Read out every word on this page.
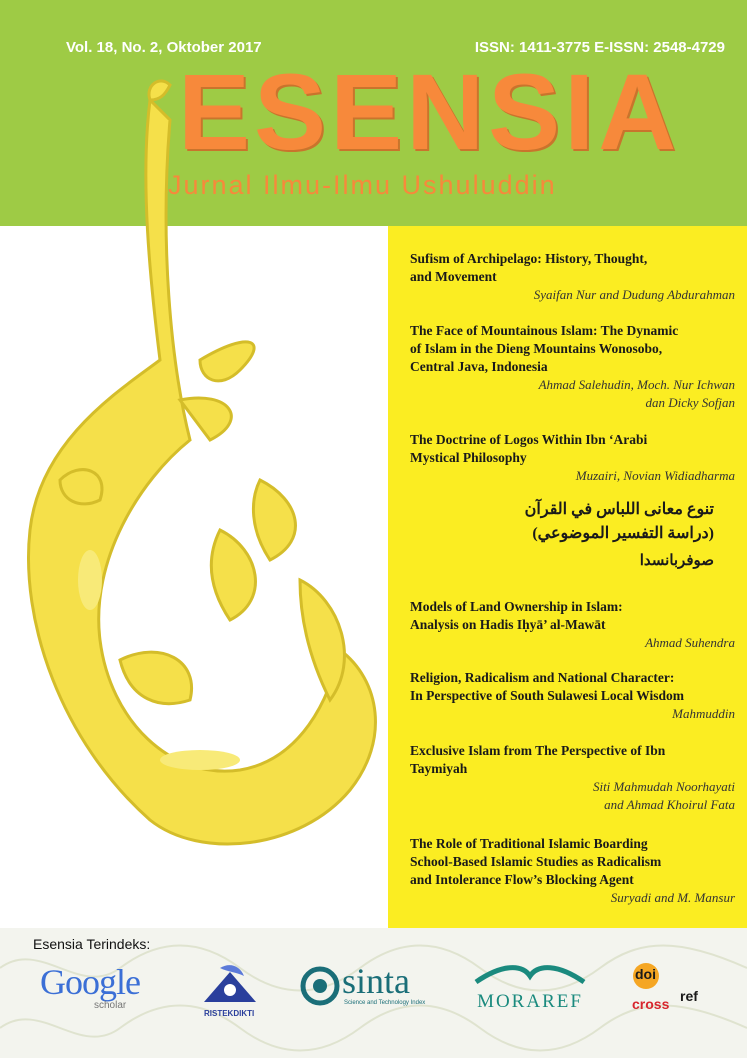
Vol. 18, No. 2, Oktober 2017	ISSN: 1411-3775 E-ISSN: 2548-4729
ESENSIA
Jurnal Ilmu-Ilmu Ushuluddin
Sufism of Archipelago: History, Thought,
and Movement
Syaifan Nur and Dudung Abdurahman
The Face of Mountainous Islam: The Dynamic
of Islam in the Dieng Mountains Wonosobo,
Central Java, Indonesia
Ahmad Salehudin, Moch. Nur Ichwan
dan Dicky Sofjan
The Doctrine of Logos Within Ibn ‘Arabi
Mystical Philosophy
Muzairi, Novian Widiadharma
تنوع معانى اللباس في القرآن
(دراسة التفسير الموضوعي)
صوفربانسدا
Models of Land Ownership in Islam:
Analysis on Hadis Iḥyā’ al-Mawāt
Ahmad Suhendra
Religion, Radicalism and National Character:
In Perspective of South Sulawesi Local Wisdom
Mahmuddin
Exclusive Islam from The Perspective of Ibn
Taymiyah
Siti Mahmudah Noorhayati
and Ahmad Khoirul Fata
The Role of Traditional Islamic Boarding
School-Based Islamic Studies as Radicalism
and Intolerance Flow’s Blocking Agent
Suryadi and M. Mansur
Esensia Terindeks:
Google
scholar
RISTEKDIKTI
sinta
Science and Technology Index	MORAREF
doi
cross ref
